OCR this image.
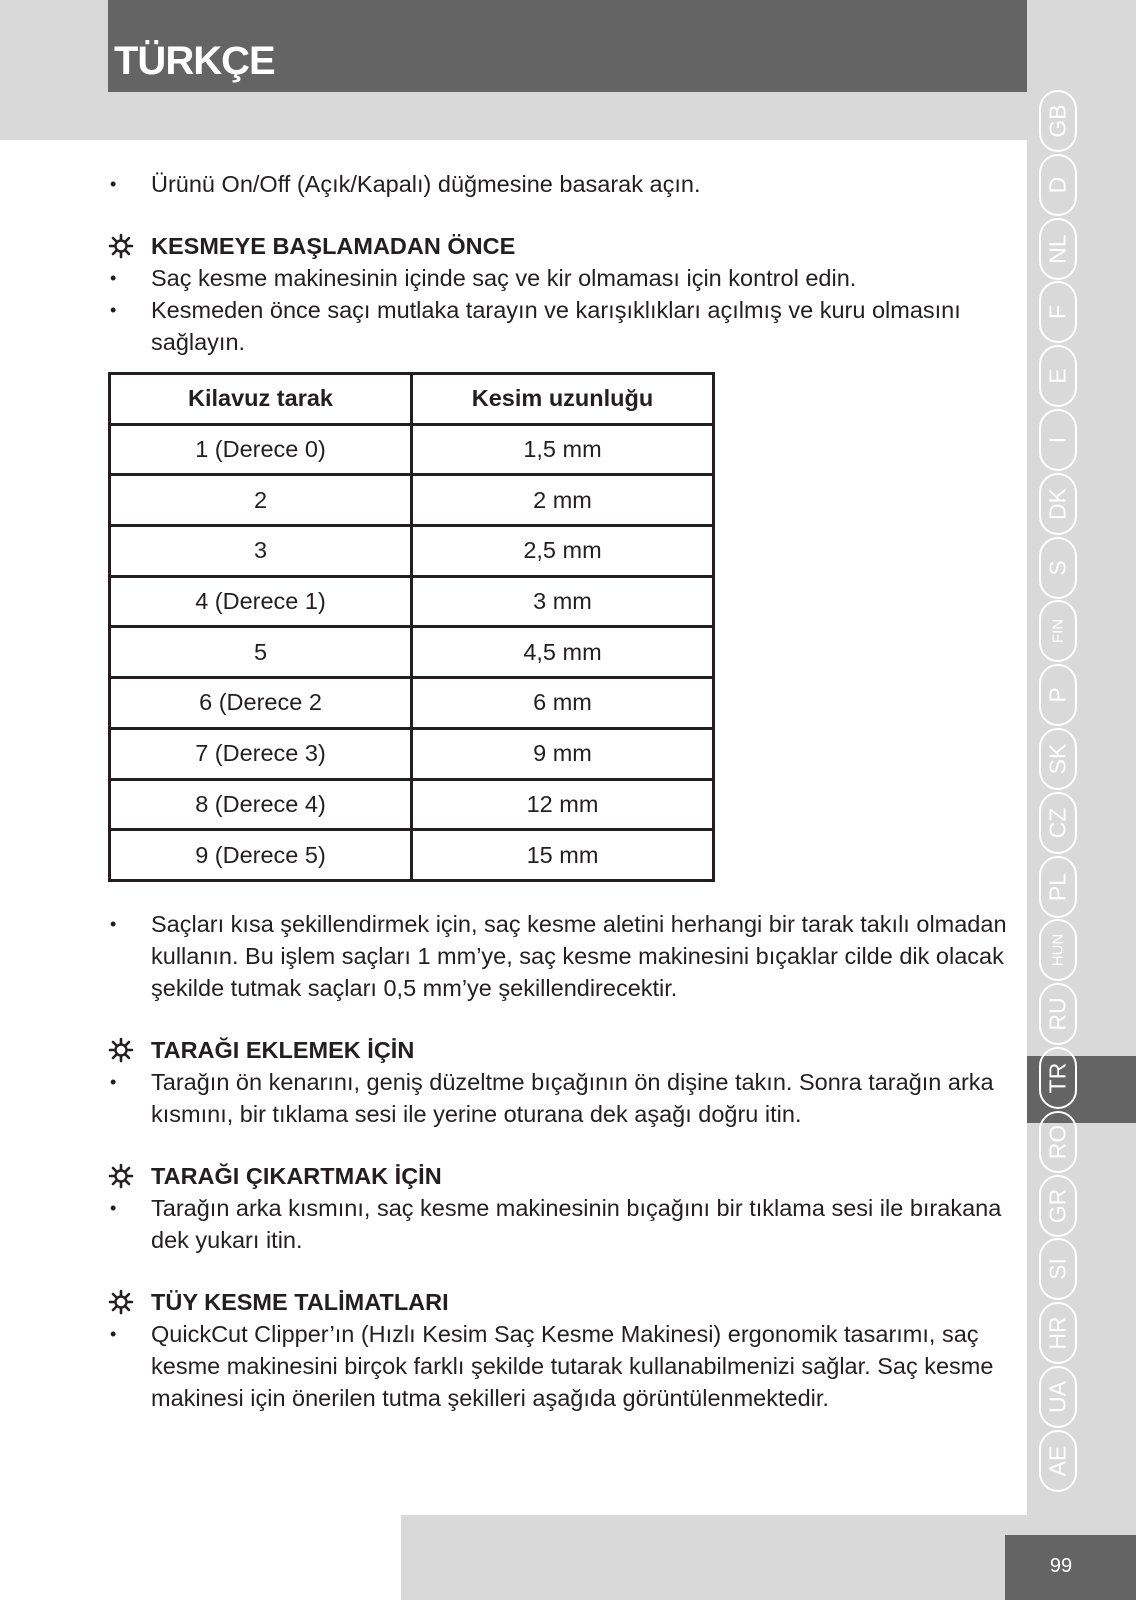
TÜRKÇE
GB
D
NL
F
E
I
DK
S
FIN
P
SK
CZ
PL
HUN
RU
TR
RO
GR
SI
HR
UA
AE
99
• Ürünü On/Off (Açık/Kapalı) düğmesine basarak açın.
KESMEYE BAŞLAMADAN ÖNCE
• Saç kesme makinesinin içinde saç ve kir olmaması için kontrol edin.
• Kesmeden önce saçı mutlaka tarayın ve karışıklıkları açılmış ve kuru olmasını sağlayın.
Kilavuz tarak	Kesim uzunluğu
1 (Derece 0)	1,5 mm
2	2 mm
3	2,5 mm
4 (Derece 1)	3 mm
5	4,5 mm
6 (Derece 2	6 mm
7 (Derece 3)	9 mm
8 (Derece 4)	12 mm
9 (Derece 5)	15 mm
• Saçları kısa şekillendirmek için, saç kesme aletini herhangi bir tarak takılı olmadan kullanın. Bu işlem saçları 1 mm’ye, saç kesme makinesini bıçaklar cilde dik olacak şekilde tutmak saçları 0,5 mm’ye şekillendirecektir.
TARAĞI EKLEMEK İÇİN
• Tarağın ön kenarını, geniş düzeltme bıçağının ön dişine takın. Sonra tarağın arka kısmını, bir tıklama sesi ile yerine oturana dek aşağı doğru itin.
TARAĞI ÇIKARTMAK İÇİN
• Tarağın arka kısmını, saç kesme makinesinin bıçağını bir tıklama sesi ile bırakana dek yukarı itin.
TÜY KESME TALİMATLARI
• QuickCut Clipper’ın (Hızlı Kesim Saç Kesme Makinesi) ergonomik tasarımı, saç kesme makinesini birçok farklı şekilde tutarak kullanabilmenizi sağlar. Saç kesme makinesi için önerilen tutma şekilleri aşağıda görüntülenmektedir.
